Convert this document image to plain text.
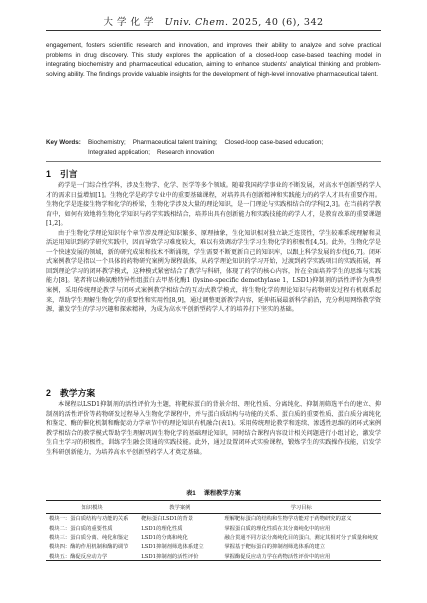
大 学 化 学 Univ. Chem. 2025, 40 (6), 342
engagement, fosters scientific research and innovation, and improves their ability to analyze and solve practical problems in drug discovery. This study explores the application of a closed-loop case-based teaching model in integrating biochemistry and pharmaceutical education, aiming to enhance students’ analytical thinking and problem-solving ability. The findings provide valuable insights for the development of high-level innovative pharmaceutical talent.
Key Words: Biochemistry;    Pharmaceutical talent training;    Closed-loop case-based education;
Integrated application;    Research innovation
1 引言

药学是一门综合性学科，涉及生物学、化学、医学等多个领域。随着我国药学事业的不断发展，对高水平创新型药学人才的需求日益增加[1]。生物化学是药学专业中的重要基础课程，对培养具有创新精神和实践能力的药学人才具有重要作用。生物化学是连接生物学和化学的桥梁，生物化学涉及大量的理论知识，是一门理论与实践相结合的学科[2,3]。在当前药学教育中，如何有效地将生物化学知识与药学实践相结合，培养出具有创新能力和实践技能的药学人才，是教育改革的重要课题[1,2]。

由于生物化学理论知识每个章节涉及理论知识繁多、原理抽象，生化知识相对独立缺乏连贯性，学生较难系统理解和灵活运用知识到药学研究实践中，因而导致学习难度较大，难以有效调动学生学习生物化学的积极性[4,5]。此外，生物化学是一个快速发展的领域，新的研究成果和技术不断涌现，学生需要不断更新自己的知识库，以跟上科学发展的步伐[6,7]。闭环式案例教学是指以一个具体的药物研究案例为课程载体，从药学理论知识的学习开始，过渡到药学实践项目的实践拓展，再回到理论学习的闭环教学模式，这种模式紧密结合了教学与科研，体现了药学的核心内容，旨在全面培养学生的思维与实践能力[8]。笔者将以赖氨酸特异性组蛋白去甲基化酶1 (lysine-specific demethylase 1，LSD1)抑制剂的活性评价为典型案例，采用传统理论教学与闭环式案例教学相结合的互动式教学模式，将生物化学的理论知识与药物研发过程有机联系起来，帮助学生理解生物化学的重要性和实用性[8,9]，通过调整更新教学内容，延伸拓展最新科学前沿，充分利用网络教学资源，激发学生的学习兴趣和探索精神，为成为高水平创新型药学人才的培养打下坚实的基础。

2 教学方案

本课程以LSD1抑制剂的活性评价为主题，将靶标蛋白的背景介绍、理化性质、分离纯化、抑制剂筛选平台的建立、抑制剂的活性评价等药物研发过程导入生物化学课程中，并与蛋白质结构与功能的关系、蛋白质的重要性质、蛋白质分离纯化和鉴定、酶的催化机制和酶促动力学章节中的理论知识有机融合(表1)。采用传统理论教学和连续、渗透性思维的闭环式案例教学相结合的教学模式帮助学生理解巩固生物化学的基础理论知识，同时结合课程内容设计相关问题进行小组讨论，激发学生自主学习的积极性，训练学生融会贯通的实践技能。此外，通过设置闭环式实验课程，锻炼学生的实践操作技能，启发学生科研创新能力，为培养高水平创新型药学人才奠定基础。

表1 课程教学方案
知识模块	教学案例	学习目标
模块一：蛋白质结构与功能的关系	靶标蛋白LSD1的背景	理解靶标蛋白的结构和生物学功能对于药物研究的意义
模块二：蛋白质的重要性质	LSD1的理化性质	掌握蛋白质的理化性质在其分离纯化中的应用
模块三：蛋白质分离、纯化和鉴定	LSD1的分离和纯化	融合贯通不同方法分离纯化目的蛋白，测定其相对分子质量和纯度
模块四：酶的作用机制和酶的调节	LSD1抑制剂筛选体系建立	掌握基于靶标蛋白的抑制剂筛选体系的建立
模块五：酶促反应动力学	LSD1抑制剂的活性评价	掌握酶促反应动力学在药物活性评价中的应用
